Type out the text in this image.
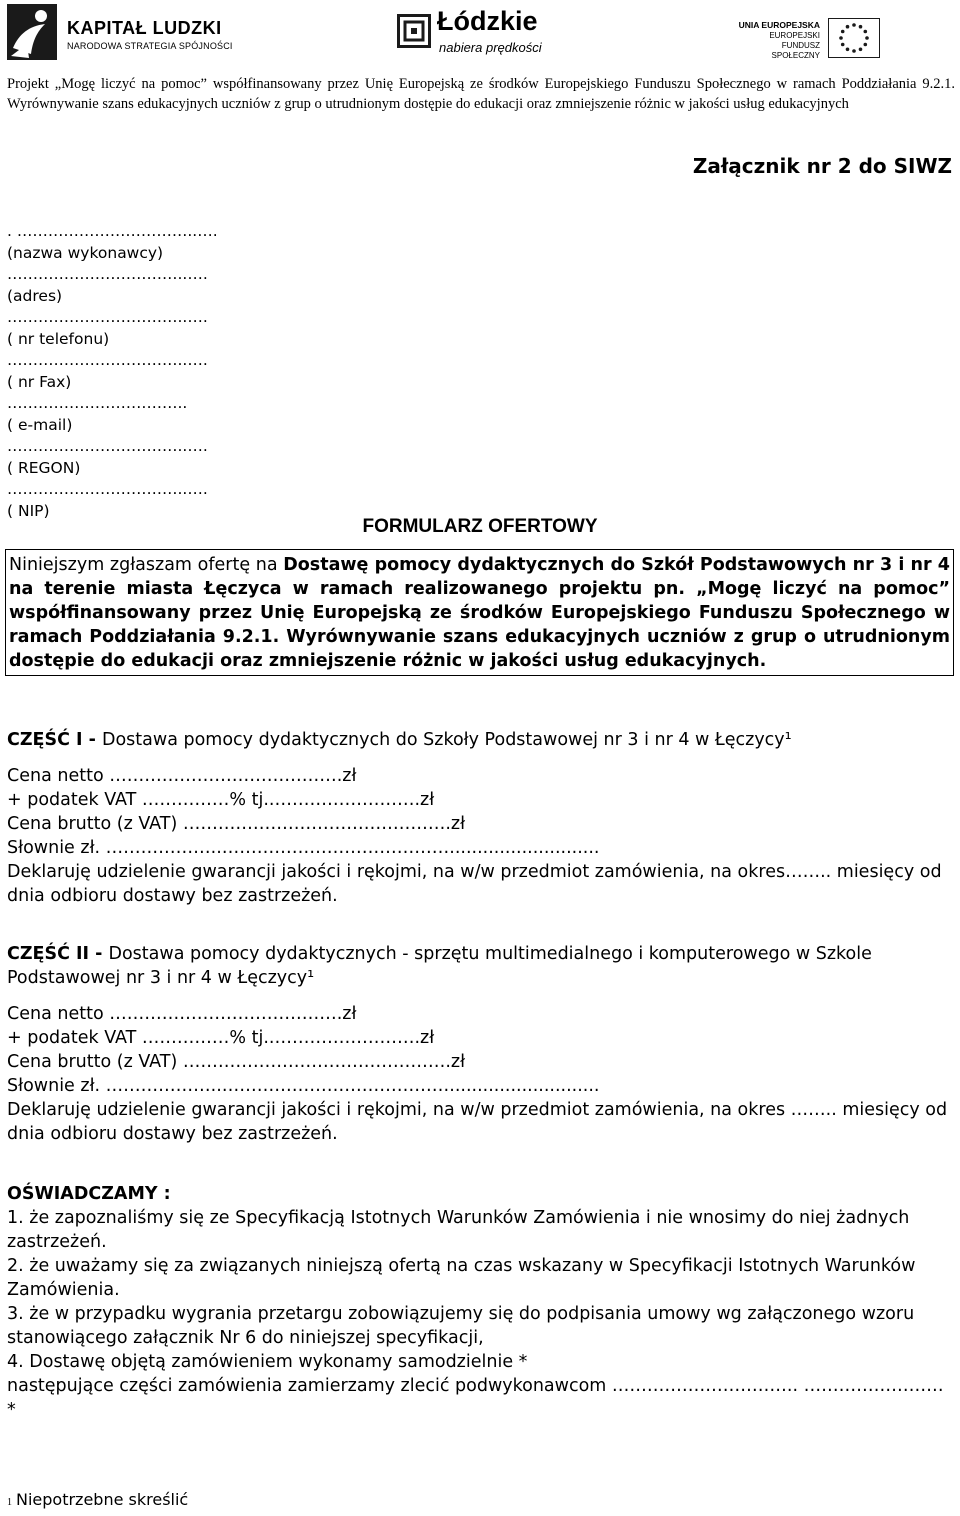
KAPITAŁ LUDZKI
NARODOWA STRATEGIA SPÓJNOŚCI
Łódzkie
nabiera prędkości
UNIA EUROPEJSKA
EUROPEJSKI
FUNDUSZ SPOŁECZNY
Projekt „Mogę liczyć na pomoc” współfinansowany przez Unię Europejską ze środków Europejskiego Funduszu Społecznego w ramach Poddziałania 9.2.1. Wyrównywanie szans edukacyjnych uczniów z grup o utrudnionym dostępie do edukacji oraz zmniejszenie różnic w jakości usług edukacyjnych
Załącznik nr 2 do SIWZ
. ……………………………..….
(nazwa wykonawcy)
……………………………..….
(adres)
……………………………..….
( nr telefonu)
……………………………..….
( nr Fax)
……………………………..
( e-mail)
……………………………..….
( REGON)
……………………………..….
( NIP)
FORMULARZ OFERTOWY
Niniejszym zgłaszam ofertę na Dostawę pomocy dydaktycznych do Szkół Podstawowych nr 3 i nr 4 na terenie miasta Łęczyca w ramach realizowanego projektu pn. „Mogę liczyć na pomoc” współfinansowany przez Unię Europejską ze środków Europejskiego Funduszu Społecznego w ramach Poddziałania 9.2.1. Wyrównywanie szans edukacyjnych uczniów z grup o utrudnionym dostępie do edukacji oraz zmniejszenie różnic w jakości usług edukacyjnych.

CZĘŚĆ I - Dostawa pomocy dydaktycznych do Szkoły Podstawowej nr 3 i nr 4 w Łęczycy¹

Cena netto ………………………………….zł

+ podatek VAT ……………% tj..…………………….zł

Cena brutto (z VAT) ……………………………………….zł

Słownie zł. ………………..…………………………………...........................

Deklaruję udzielenie gwarancji jakości i rękojmi, na w/w przedmiot zamówienia, na okres…….. miesięcy od dnia odbioru dostawy bez zastrzeżeń.

CZĘŚĆ II - Dostawa pomocy dydaktycznych - sprzętu multimedialnego i komputerowego w Szkole Podstawowej nr 3 i nr 4 w Łęczycy¹

Cena netto ………………………………….zł

+ podatek VAT ……………% tj..…………………….zł

Cena brutto (z VAT) ……………………………………….zł

Słownie zł. ………………..…………………………………...........................

Deklaruję udzielenie gwarancji jakości i rękojmi, na w/w przedmiot zamówienia, na okres …….. miesięcy od dnia odbioru dostawy bez zastrzeżeń.

OŚWIADCZAMY :

1. że zapoznaliśmy się ze Specyfikacją Istotnych Warunków Zamówienia i nie wnosimy do niej żadnych

zastrzeżeń.

2. że uważamy się za związanych niniejszą ofertą na czas wskazany w Specyfikacji Istotnych Warunków

Zamówienia.

3. że w przypadku wygrania przetargu zobowiązujemy się do podpisania umowy wg załączonego wzoru stanowiącego załącznik Nr 6 do niniejszej specyfikacji,

4. Dostawę objętą zamówieniem wykonamy samodzielnie *

następujące części zamówienia zamierzamy zlecić podwykonawcom ………………………….. …………………… *

1 Niepotrzebne skreślić
